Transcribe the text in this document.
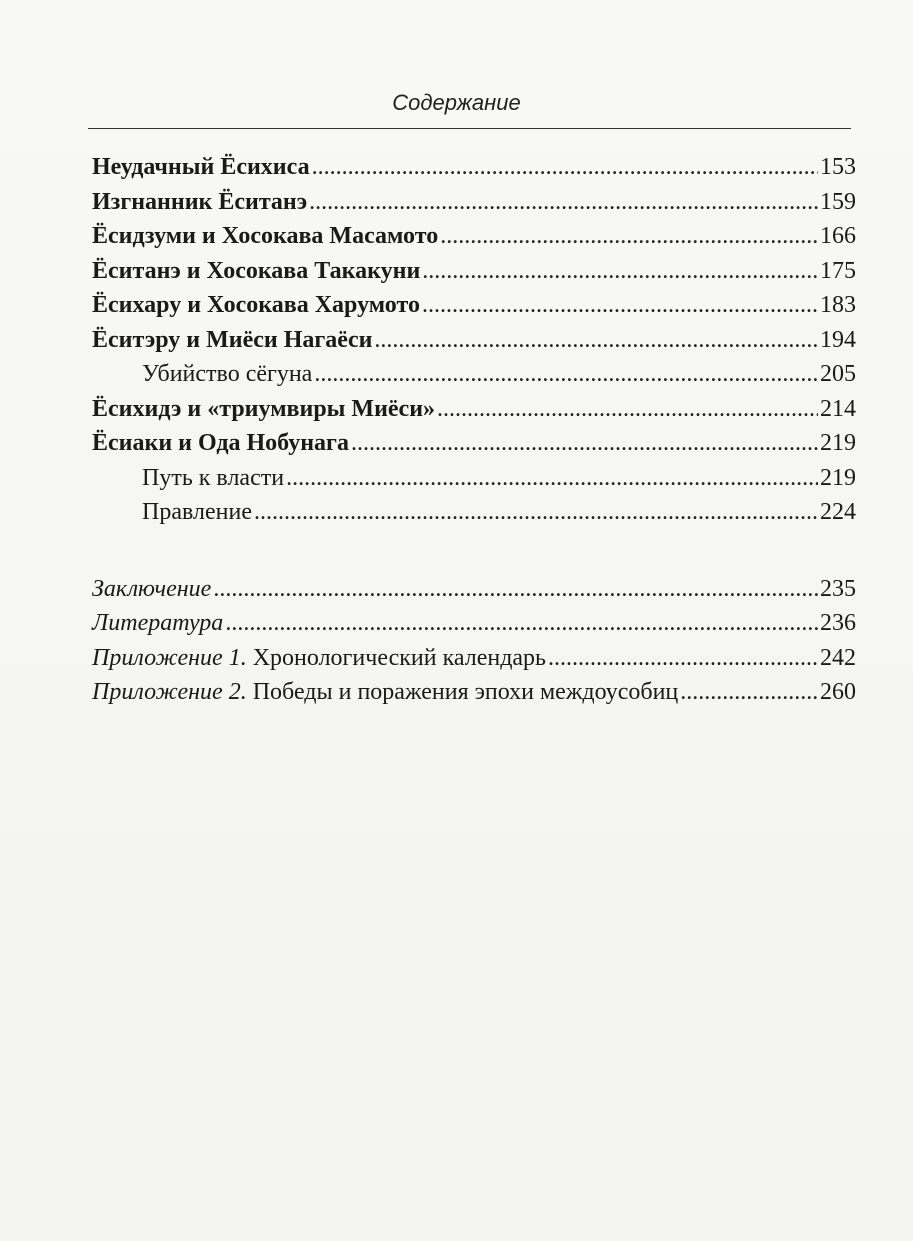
Содержание
Неудачный Ёсихиса . . .	153
Изгнанник Ёситанэ . . .	159
Ёсидзуми и Хосокава Масамото . . .	166
Ёситанэ и Хосокава Такакуни . . .	175
Ёсихару и Хосокава Харумото . . .	183
Ёситэру и Миёси Нагаёси . . .	194
Убийство сёгуна . . .	205
Ёсихидэ и «триумвиры Миёси» . . .	214
Ёсиаки и Ода Нобунага . . .	219
Путь к власти . . .	219
Правление . . .	224
Заключение . . .	235
Литература . . .	236
Приложение 1. Хронологический календарь . . .	242
Приложение 2. Победы и поражения эпохи междоусобиц . . .	260
